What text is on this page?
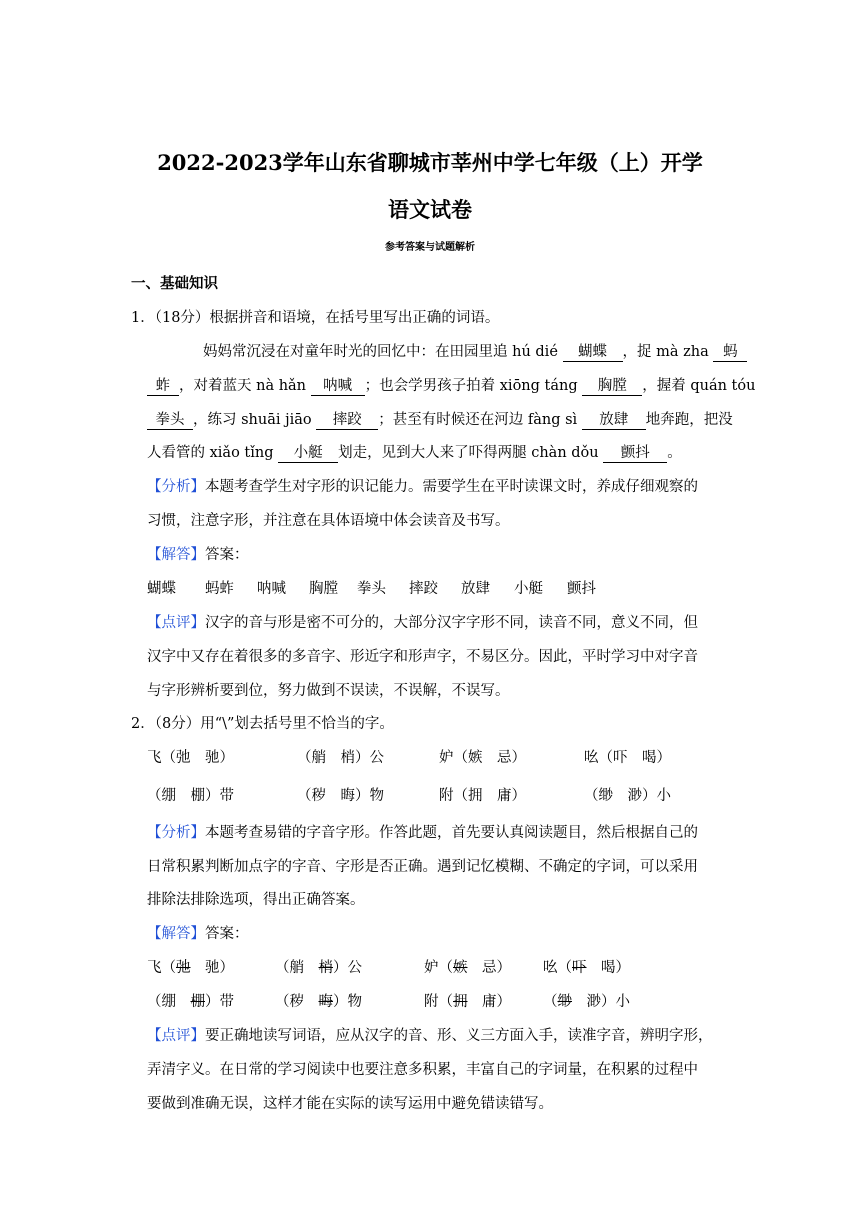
2022-2023学年山东省聊城市莘州中学七年级（上）开学
语文试卷
参考答案与试题解析
一、基础知识
1．（18分）根据拼音和语境，在括号里写出正确的词语。
妈妈常沉浸在对童年时光的回忆中：在田园里追 hú dié 蝴蝶 ，捉 mà zha 蚂
蚱 ，对着蓝天 nà hǎn 呐喊 ；也会学男孩子拍着 xiōng táng 胸膛 ，握着 quán tóu
拳头 ，练习 shuāi jiāo 摔跤 ；甚至有时候还在河边 fàng sì 放肆 地奔跑，把没
人看管的 xiǎo tǐng 小艇 划走，见到大人来了吓得两腿 chàn dǒu 颤抖 。
【分析】本题考查学生对字形的识记能力。需要学生在平时读课文时，养成仔细观察的
习惯，注意字形，并注意在具体语境中体会读音及书写。
【解答】答案：
蝴蝶 蚂蚱 呐喊 胸膛 拳头 摔跤 放肆 小艇 颤抖
【点评】汉字的音与形是密不可分的，大部分汉字字形不同，读音不同，意义不同，但
汉字中又存在着很多的多音字、形近字和形声字，不易区分。因此，平时学习中对字音
与字形辨析要到位，努力做到不误读，不误解，不误写。
2．（8分）用“\”划去括号里不恰当的字。
飞（弛　驰）	（艄　梢）公	妒（嫉　忌）	吆（吓　喝）
（绷　棚）带	（秽　晦）物	附（拥　庸）	（缈　渺）小
【分析】本题考查易错的字音字形。作答此题，首先要认真阅读题目，然后根据自己的
日常积累判断加点字的字音、字形是否正确。遇到记忆模糊、不确定的字词，可以采用
排除法排除选项，得出正确答案。
【解答】答案：
飞（弛　 驰）	（艄　 梢）公	妒（嫉　 忌） 吆（吓　 喝）
（绷　 棚）带	（秽　 晦）物	附（拥　 庸） （缈　 渺）小
【点评】要正确地读写词语，应从汉字的音、形、义三方面入手，读准字音，辨明字形，
弄清字义。在日常的学习阅读中也要注意多积累，丰富自己的字词量，在积累的过程中
要做到准确无误，这样才能在实际的读写运用中避免错读错写。
